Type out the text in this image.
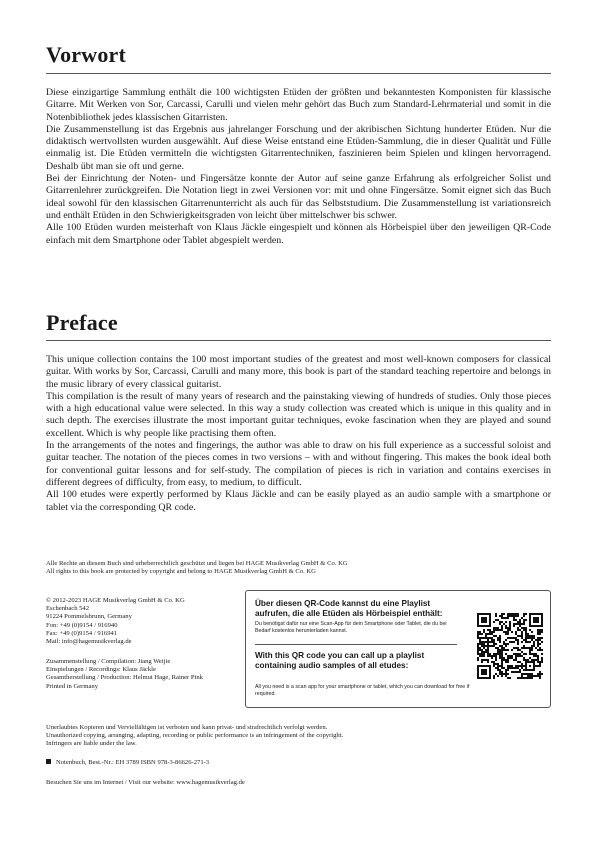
Vorwort

Diese einzigartige Sammlung enthält die 100 wichtigsten Etüden der größten und bekanntesten Komponisten für klassische Gitarre. Mit Werken von Sor, Carcassi, Carulli und vielen mehr gehört das Buch zum Standard-Lehrmaterial und somit in die Notenbibliothek jedes klassischen Gitarristen.

Die Zusammenstellung ist das Ergebnis aus jahrelanger Forschung und der akribischen Sichtung hunderter Etüden. Nur die didaktisch wertvollsten wurden ausgewählt. Auf diese Weise entstand eine Etüden-Sammlung, die in dieser Qualität und Fülle einmalig ist. Die Etüden vermitteln die wichtigsten Gitarrentechniken, faszinieren beim Spielen und klingen hervorragend. Deshalb übt man sie oft und gerne.

Bei der Einrichtung der Noten- und Fingersätze konnte der Autor auf seine ganze Erfahrung als erfolgreicher Solist und Gitarrenlehrer zurückgreifen. Die Notation liegt in zwei Versionen vor: mit und ohne Fingersätze. Somit eignet sich das Buch ideal sowohl für den klassischen Gitarrenunterricht als auch für das Selbststudium. Die Zusammenstellung ist variationsreich und enthält Etüden in den Schwierigkeitsgraden von leicht über mittelschwer bis schwer.

Alle 100 Etüden wurden meisterhaft von Klaus Jäckle eingespielt und können als Hörbeispiel über den jeweiligen QR-Code einfach mit dem Smartphone oder Tablet abgespielt werden.

Preface

This unique collection contains the 100 most important studies of the greatest and most well-known composers for classical guitar. With works by Sor, Carcassi, Carulli and many more, this book is part of the standard teaching repertoire and belongs in the music library of every classical guitarist.

This compilation is the result of many years of research and the painstaking viewing of hundreds of studies. Only those pieces with a high educational value were selected. In this way a study collection was created which is unique in this quality and in such depth. The exercises illustrate the most important guitar techniques, evoke fascination when they are played and sound excellent. Which is why people like practising them often.

In the arrangements of the notes and fingerings, the author was able to draw on his full experience as a successful soloist and guitar teacher. The notation of the pieces comes in two versions – with and without fingering. This makes the book ideal both for conventional guitar lessons and for self-study. The compilation of pieces is rich in variation and contains exercises in different degrees of difficulty, from easy, to medium, to difficult.

All 100 etudes were expertly performed by Klaus Jäckle and can be easily played as an audio sample with a smartphone or tablet via the corresponding QR code.

Alle Rechte an diesem Buch sind urheberrechtlich geschützt und liegen bei HAGE Musikverlag GmbH & Co. KG
All rights to this book are protected by copyright and belong to HAGE Musikverlag GmbH & Co. KG
© 2012-2023 HAGE Musikverlag GmbH & Co. KG
Eschenbach 542
91224 Pommelsbrunn, Germany
Fon: +49 (0)9154 / 916940
Fax: +49 (0)9154 / 916941
Mail: info@hagemusikverlag.de
Zusammenstellung / Compilation: Jiang Weijie
Einspielungen / Recordings: Klaus Jäckle
Gesamtherstellung / Production: Helmut Hage, Rainer Pink
Printed in Germany
Über diesen QR-Code kannst du eine Playlist aufrufen, die alle Etüden als Hörbeispiel enthält:
Du benötigst dafür nur eine Scan-App für dein Smartphone oder Tablet, die du bei Bedarf kostenlos herunterladen kannst.
With this QR code you can call up a playlist containing audio samples of all etudes:
All you need is a scan app for your smartphone or tablet, which you can download for free if required.
Unerlaubtes Kopieren und Vervielfältigen ist verboten und kann privat- und strafrechtlich verfolgt werden.
Unauthorized copying, arranging, adapting, recording or public performance is an infringement of the copyright.
Infringers are liable under the law.
Notenbuch, Best.-Nr.: EH 3789 ISBN 978-3-86626-271-3
Besuchen Sie uns im Internet / Visit our website: www.hagemusikverlag.de
